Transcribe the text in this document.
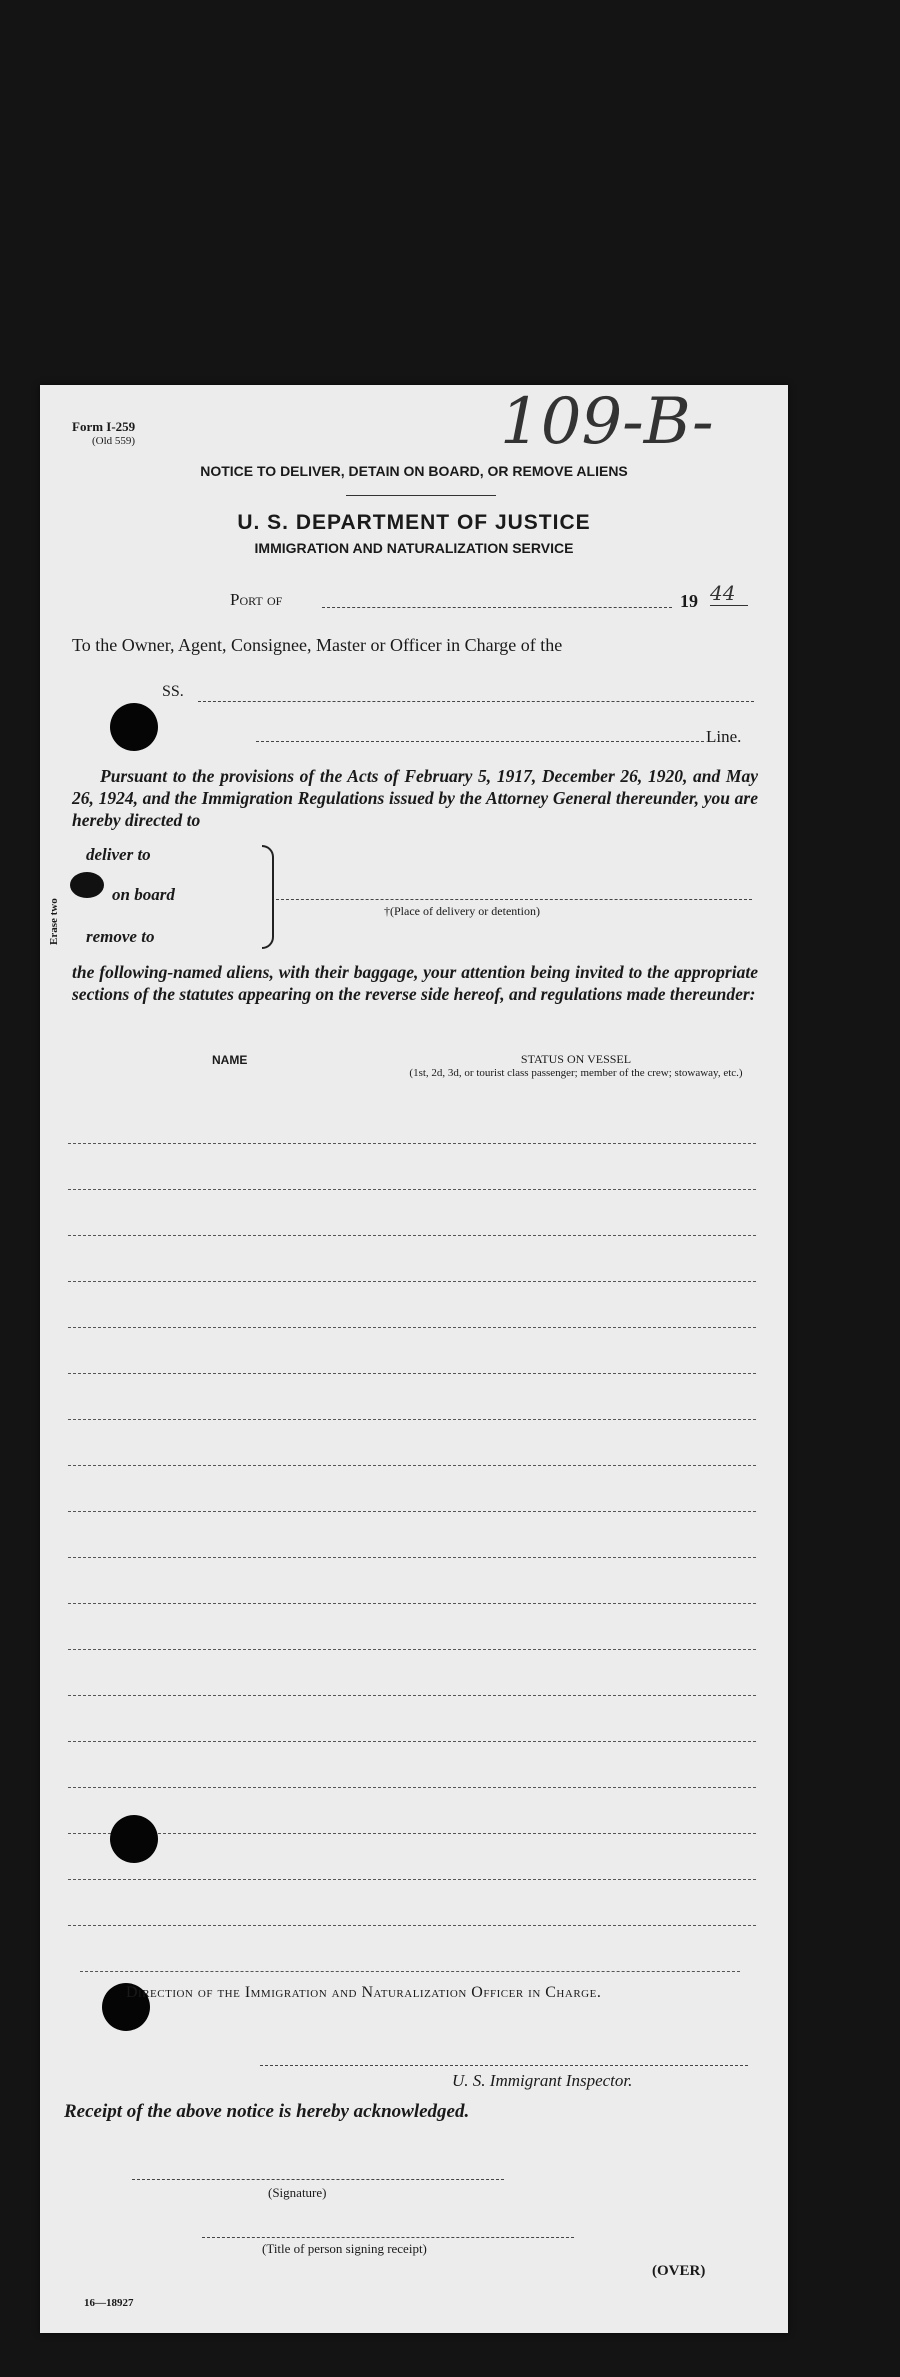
Form I-259
(Old 559)	109-B-
NOTICE TO DELIVER, DETAIN ON BOARD, OR REMOVE ALIENS
U. S. DEPARTMENT OF JUSTICE
IMMIGRATION AND NATURALIZATION SERVICE
Port of	19 44
To the Owner, Agent, Consignee, Master or Officer in Charge of the
SS.
Line.
Pursuant to the provisions of the Acts of February 5, 1917, December 26, 1920, and May 26, 1924, and the Immigration Regulations issued by the Attorney General thereunder, you are hereby directed to
Erase two
deliver to
on board
remove to
†(Place of delivery or detention)
the following-named aliens, with their baggage, your attention being invited to the appropriate sections of the statutes appearing on the reverse side hereof, and regulations made thereunder:
NAME	STATUS ON VESSEL
(1st, 2d, 3d, or tourist class passenger; member of the crew; stowaway, etc.)
Direction of the Immigration and Naturalization Officer in Charge.
U. S. Immigrant Inspector.
Receipt of the above notice is hereby acknowledged.
(Signature)
(Title of person signing receipt)
16—18927
(OVER)
